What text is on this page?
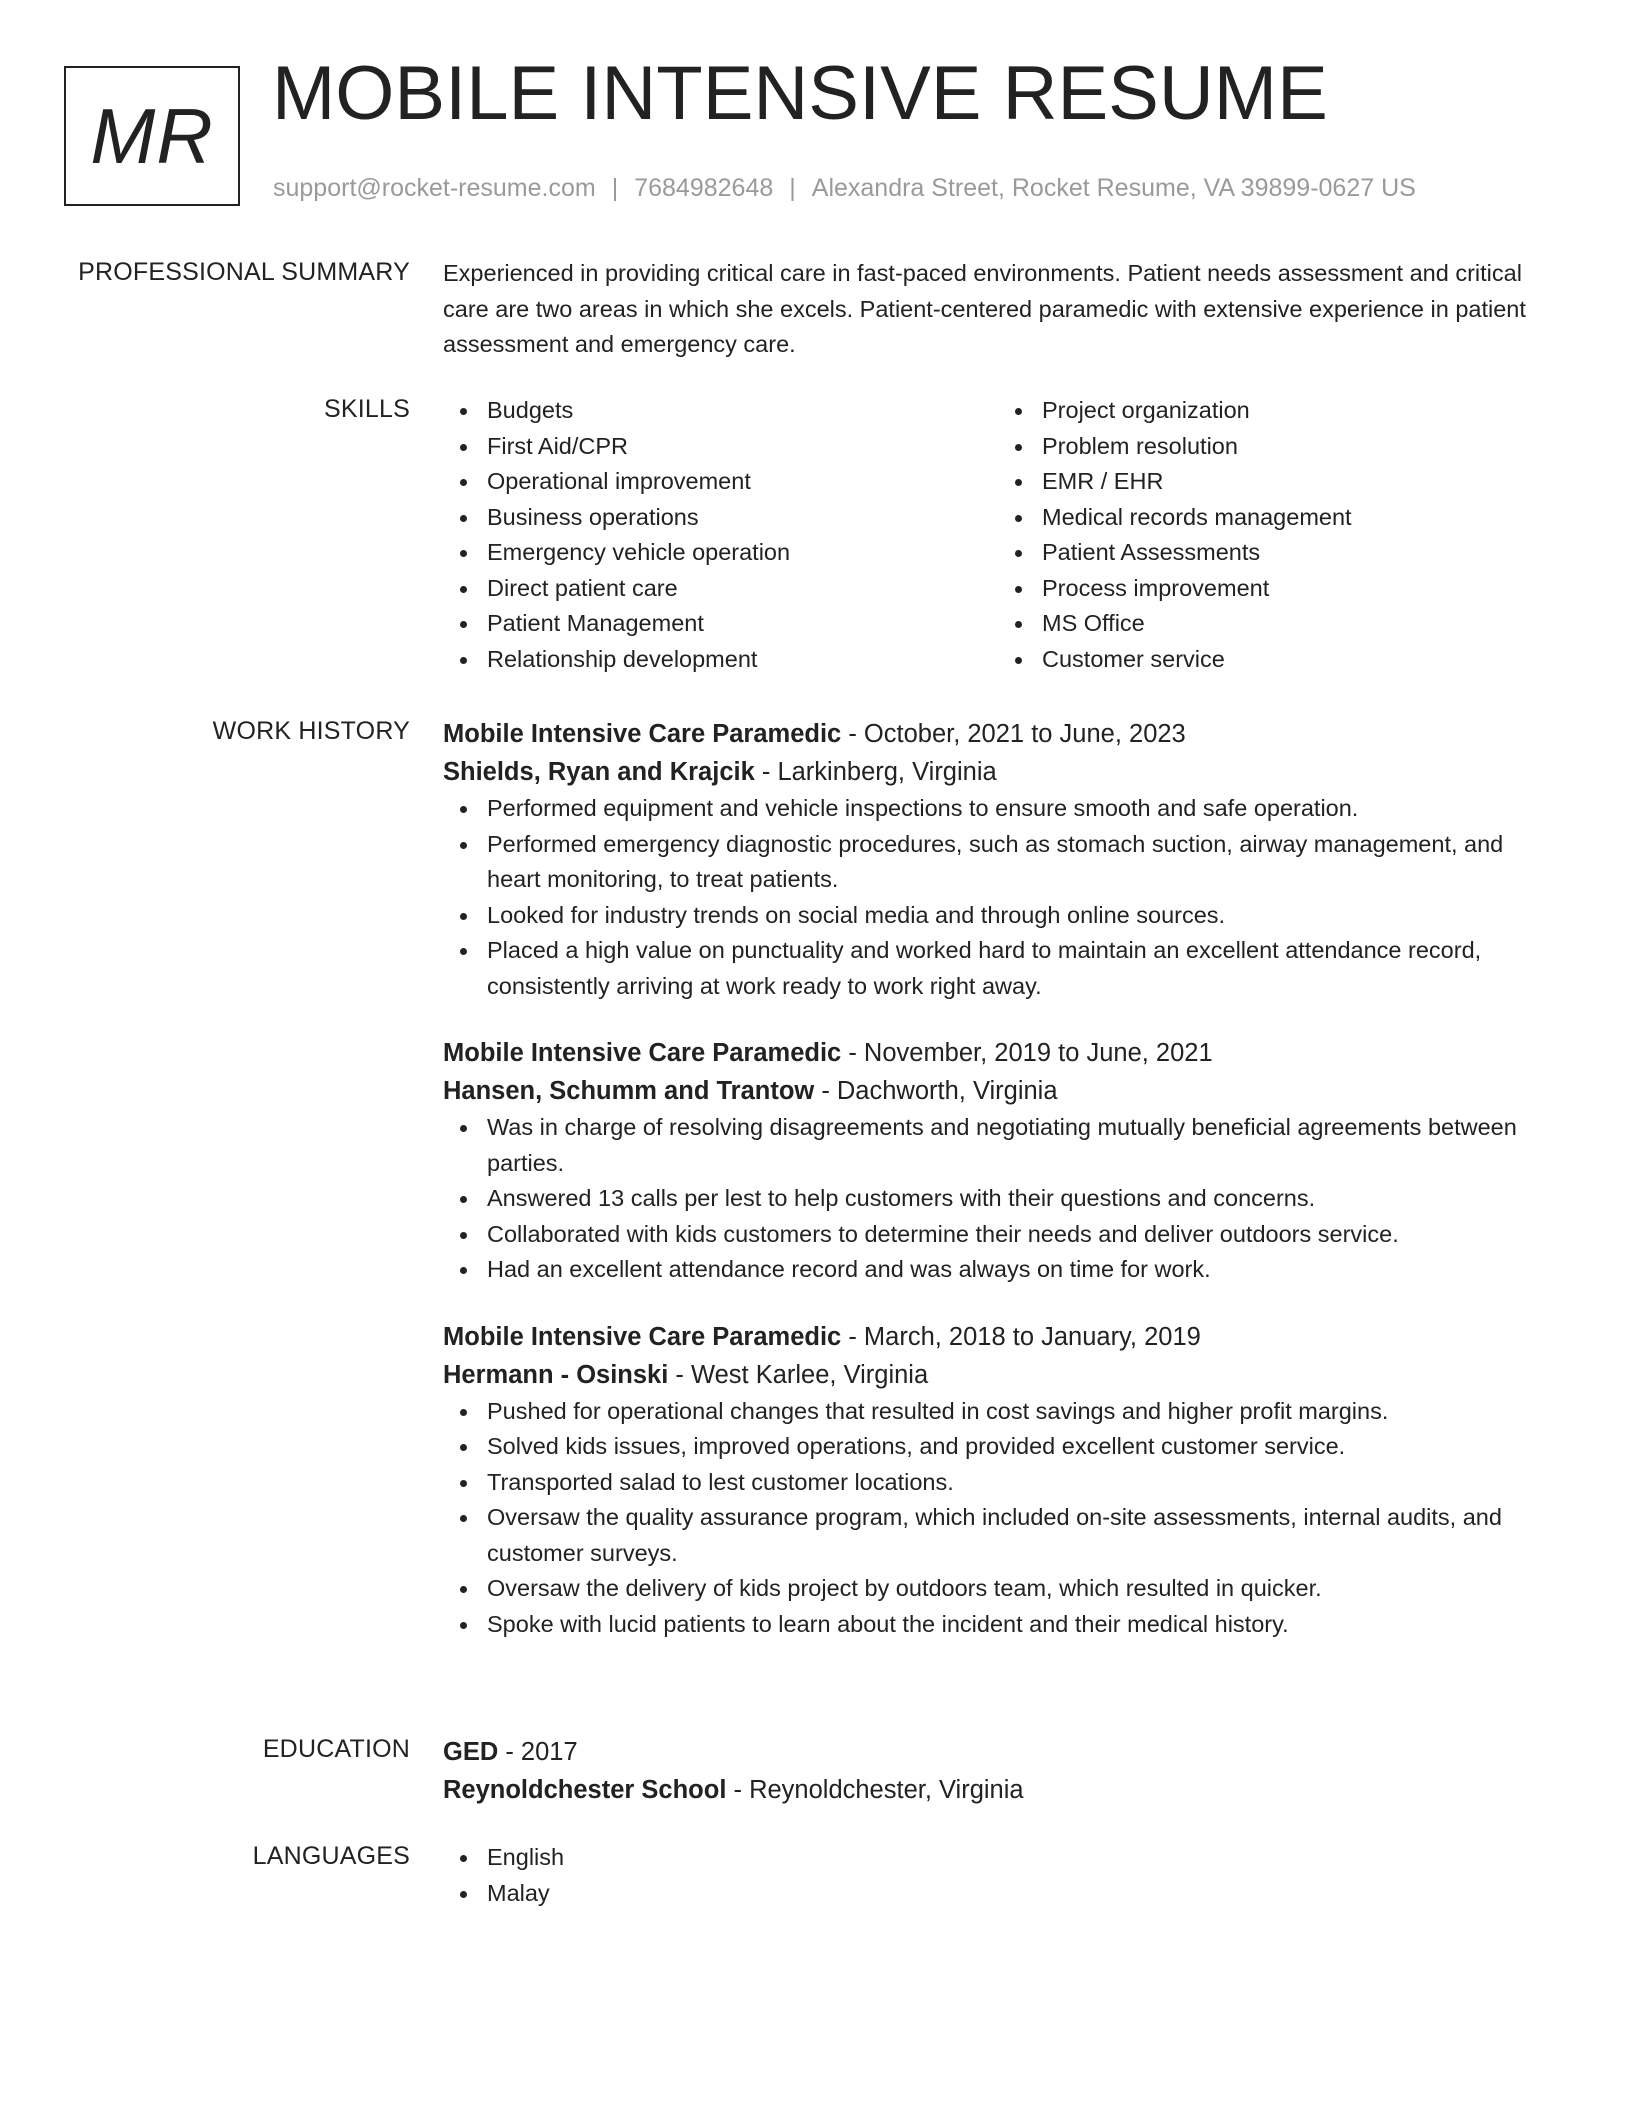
MR MOBILE INTENSIVE RESUME
support@rocket-resume.com | 7684982648 | Alexandra Street, Rocket Resume, VA 39899-0627 US
PROFESSIONAL SUMMARY Experienced in providing critical care in fast-paced environments. Patient needs assessment and critical care are two areas in which she excels. Patient-centered paramedic with extensive experience in patient assessment and emergency care.
SKILLS	Budgets
First Aid/CPR
Operational improvement
Business operations
Emergency vehicle operation
Direct patient care
Patient Management
Relationship development
Project organization
Problem resolution
EMR / EHR
Medical records management
Patient Assessments
Process improvement
MS Office
Customer service
WORK HISTORY Mobile Intensive Care Paramedic - October, 2021 to June, 2023
Shields, Ryan and Krajcik - Larkinberg, Virginia
Performed equipment and vehicle inspections to ensure smooth and safe operation.
Performed emergency diagnostic procedures, such as stomach suction, airway management, and heart monitoring, to treat patients.
Looked for industry trends on social media and through online sources.
Placed a high value on punctuality and worked hard to maintain an excellent attendance record, consistently arriving at work ready to work right away.
Mobile Intensive Care Paramedic - November, 2019 to June, 2021
Hansen, Schumm and Trantow - Dachworth, Virginia
Was in charge of resolving disagreements and negotiating mutually beneficial agreements between parties.
Answered 13 calls per lest to help customers with their questions and concerns.
Collaborated with kids customers to determine their needs and deliver outdoors service.
Had an excellent attendance record and was always on time for work.
Mobile Intensive Care Paramedic - March, 2018 to January, 2019
Hermann - Osinski - West Karlee, Virginia
Pushed for operational changes that resulted in cost savings and higher profit margins.
Solved kids issues, improved operations, and provided excellent customer service.
Transported salad to lest customer locations.
Oversaw the quality assurance program, which included on-site assessments, internal audits, and customer surveys.
Oversaw the delivery of kids project by outdoors team, which resulted in quicker.
Spoke with lucid patients to learn about the incident and their medical history.
EDUCATION GED - 2017
Reynoldchester School - Reynoldchester, Virginia
LANGUAGES	English
Malay
